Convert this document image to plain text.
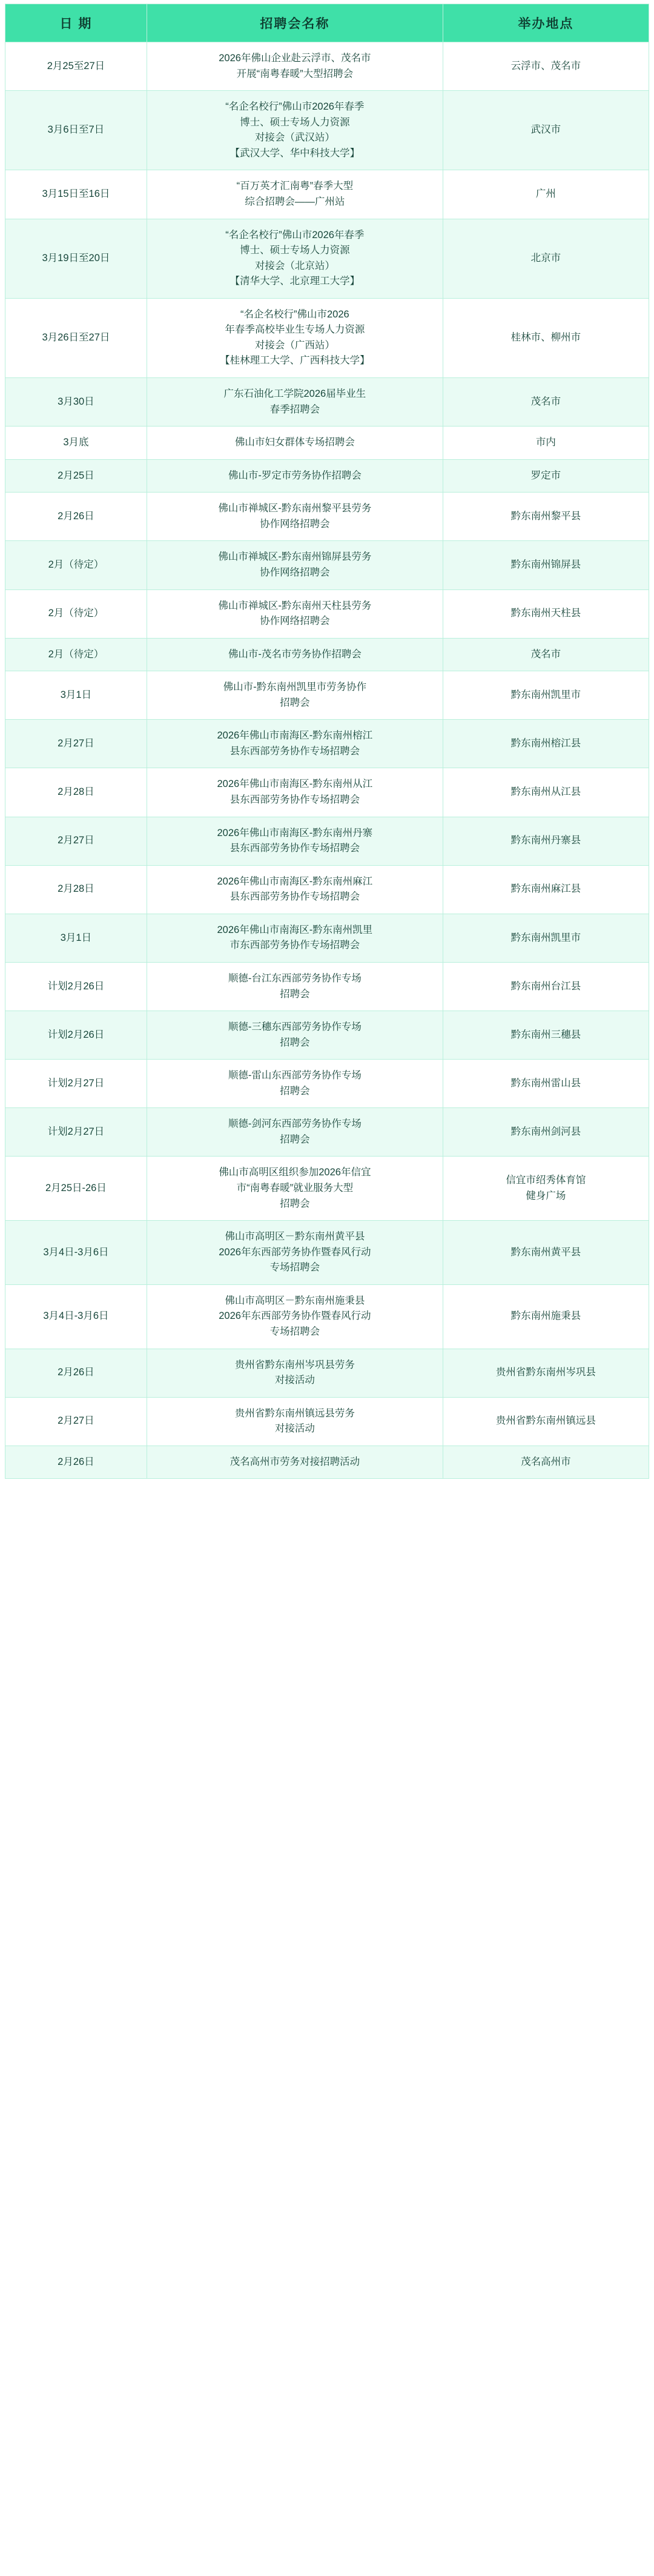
日 期	招聘会名称	举办地点

2月25至27日	2026年佛山企业赴云浮市、茂名市
开展“南粤春暖”大型招聘会	云浮市、茂名市

3月6日至7日	“名企名校行”佛山市2026年春季
博士、硕士专场人力资源
对接会（武汉站）
【武汉大学、华中科技大学】	武汉市

3月15日至16日	“百万英才汇南粤”春季大型
综合招聘会——广州站	广州

3月19日至20日	“名企名校行”佛山市2026年春季
博士、硕士专场人力资源
对接会（北京站）
【清华大学、北京理工大学】	北京市

3月26日至27日	“名企名校行”佛山市2026
年春季高校毕业生专场人力资源
对接会（广西站）
【桂林理工大学、广西科技大学】	桂林市、柳州市

3月30日	广东石油化工学院2026届毕业生
春季招聘会	茂名市

3月底	佛山市妇女群体专场招聘会	市内

2月25日	佛山市-罗定市劳务协作招聘会	罗定市

2月26日	佛山市禅城区-黔东南州黎平县劳务
协作网络招聘会	黔东南州黎平县

2月（待定）	佛山市禅城区-黔东南州锦屏县劳务
协作网络招聘会	黔东南州锦屏县

2月（待定）	佛山市禅城区-黔东南州天柱县劳务
协作网络招聘会	黔东南州天柱县

2月（待定）	佛山市-茂名市劳务协作招聘会	茂名市

3月1日	佛山市-黔东南州凯里市劳务协作
招聘会	黔东南州凯里市

2月27日	2026年佛山市南海区-黔东南州榕江
县东西部劳务协作专场招聘会	黔东南州榕江县

2月28日	2026年佛山市南海区-黔东南州从江
县东西部劳务协作专场招聘会	黔东南州从江县

2月27日	2026年佛山市南海区-黔东南州丹寨
县东西部劳务协作专场招聘会	黔东南州丹寨县

2月28日	2026年佛山市南海区-黔东南州麻江
县东西部劳务协作专场招聘会	黔东南州麻江县

3月1日	2026年佛山市南海区-黔东南州凯里
市东西部劳务协作专场招聘会	黔东南州凯里市

计划2月26日	顺德-台江东西部劳务协作专场
招聘会	黔东南州台江县

计划2月26日	顺德-三穗东西部劳务协作专场
招聘会	黔东南州三穗县

计划2月27日	顺德-雷山东西部劳务协作专场
招聘会	黔东南州雷山县

计划2月27日	顺德-剑河东西部劳务协作专场
招聘会	黔东南州剑河县

2月25日-26日	佛山市高明区组织参加2026年信宜
市“南粤春暖”就业服务大型
招聘会	信宜市绍秀体育馆
健身广场

3月4日-3月6日	佛山市高明区－黔东南州黄平县
2026年东西部劳务协作暨春风行动
专场招聘会	黔东南州黄平县

3月4日-3月6日	佛山市高明区－黔东南州施秉县
2026年东西部劳务协作暨春风行动
专场招聘会	黔东南州施秉县

2月26日	贵州省黔东南州岑巩县劳务
对接活动	贵州省黔东南州岑巩县

2月27日	贵州省黔东南州镇远县劳务
对接活动	贵州省黔东南州镇远县

2月26日	茂名高州市劳务对接招聘活动	茂名高州市
